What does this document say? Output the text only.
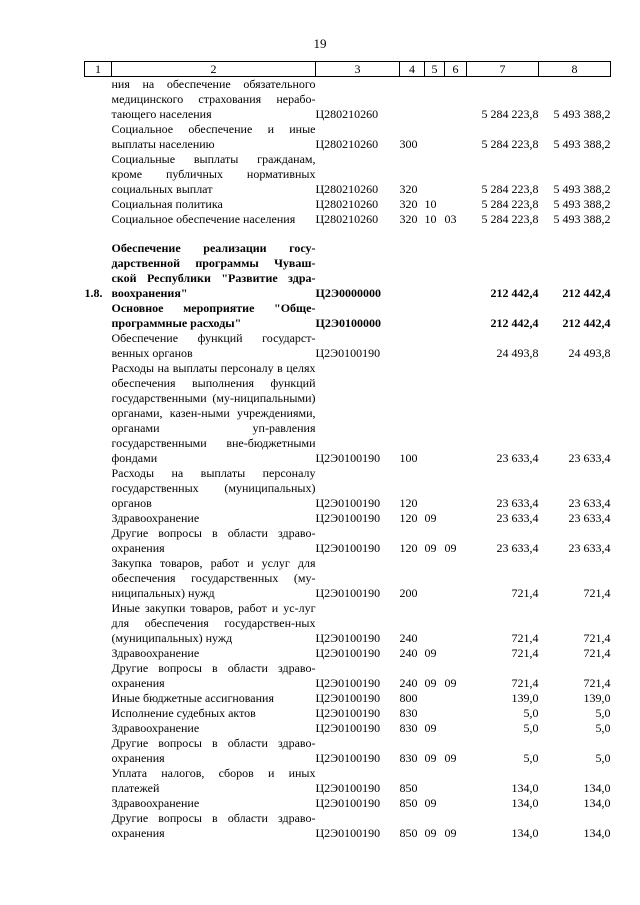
19
1	2	3	4	5	6	7	8
	ния на обеспечение обязательного медицинского страхования нерабо-тающего населения	Ц280210260				5 284 223,8	5 493 388,2
	Социальное обеспечение и иные выплаты населению	Ц280210260	300			5 284 223,8	5 493 388,2
	Социальные выплаты гражданам, кроме публичных нормативных социальных выплат	Ц280210260	320			5 284 223,8	5 493 388,2
	Социальная политика	Ц280210260	320	10		5 284 223,8	5 493 388,2
	Социальное обеспечение населения	Ц280210260	320	10	03	5 284 223,8	5 493 388,2

1.8.	Обеспечение реализации госу-дарственной программы Чуваш-ской Республики "Развитие здра-воохранения"	Ц2Э0000000				212 442,4	212 442,4
	Основное мероприятие "Обще-программные расходы"	Ц2Э0100000				212 442,4	212 442,4
	Обеспечение функций государст-венных органов	Ц2Э0100190				24 493,8	24 493,8
	Расходы на выплаты персоналу в целях обеспечения выполнения функций государственными (му-ниципальными) органами, казен-ными учреждениями, органами уп-равления государственными вне-бюджетными фондами	Ц2Э0100190	100			23 633,4	23 633,4
	Расходы на выплаты персоналу государственных (муниципальных) органов	Ц2Э0100190	120			23 633,4	23 633,4
	Здравоохранение	Ц2Э0100190	120	09		23 633,4	23 633,4
	Другие вопросы в области здраво-охранения	Ц2Э0100190	120	09	09	23 633,4	23 633,4
	Закупка товаров, работ и услуг для обеспечения государственных (му-ниципальных) нужд	Ц2Э0100190	200			721,4	721,4
	Иные закупки товаров, работ и ус-луг для обеспечения государствен-ных (муниципальных) нужд	Ц2Э0100190	240			721,4	721,4
	Здравоохранение	Ц2Э0100190	240	09		721,4	721,4
	Другие вопросы в области здраво-охранения	Ц2Э0100190	240	09	09	721,4	721,4
	Иные бюджетные ассигнования	Ц2Э0100190	800			139,0	139,0
	Исполнение судебных актов	Ц2Э0100190	830			5,0	5,0
	Здравоохранение	Ц2Э0100190	830	09		5,0	5,0
	Другие вопросы в области здраво-охранения	Ц2Э0100190	830	09	09	5,0	5,0
	Уплата налогов, сборов и иных платежей	Ц2Э0100190	850			134,0	134,0
	Здравоохранение	Ц2Э0100190	850	09		134,0	134,0
	Другие вопросы в области здраво-охранения	Ц2Э0100190	850	09	09	134,0	134,0
